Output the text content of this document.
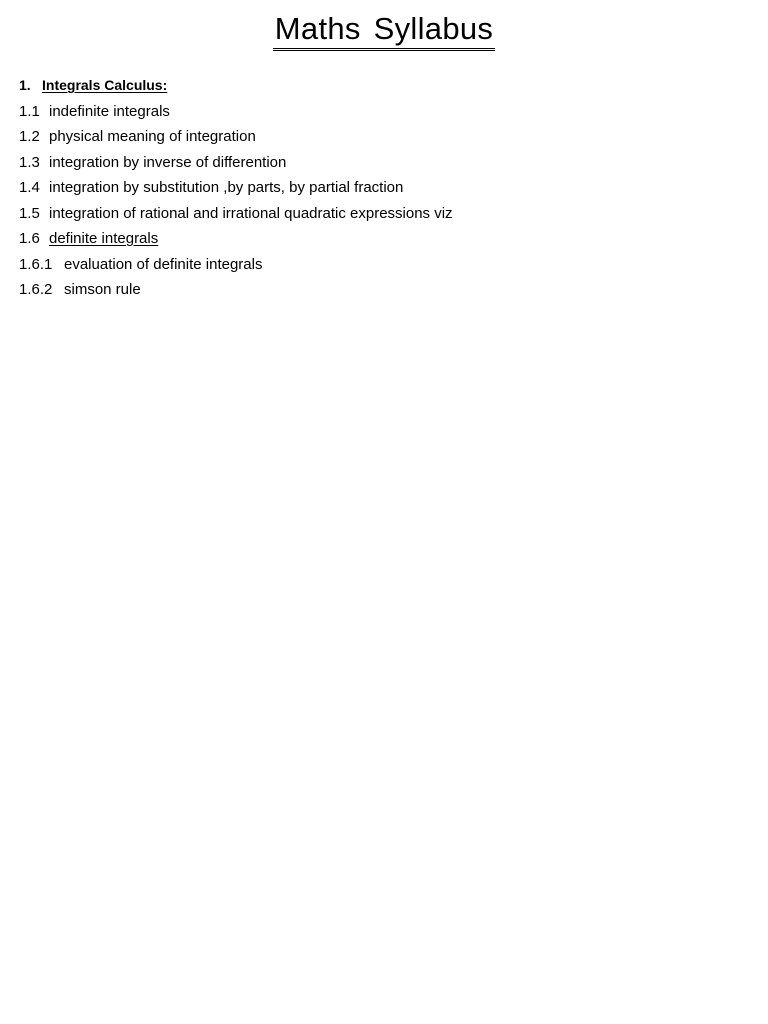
Maths Syllabus
1. Integrals Calculus:
1.1 indefinite integrals
1.2 physical meaning of integration
1.3 integration by inverse of differention
1.4 integration by substitution ,by parts, by partial fraction
1.5 integration of rational and irrational quadratic expressions viz
1.6 definite integrals
1.6.1 evaluation of definite integrals
1.6.2 simson rule
